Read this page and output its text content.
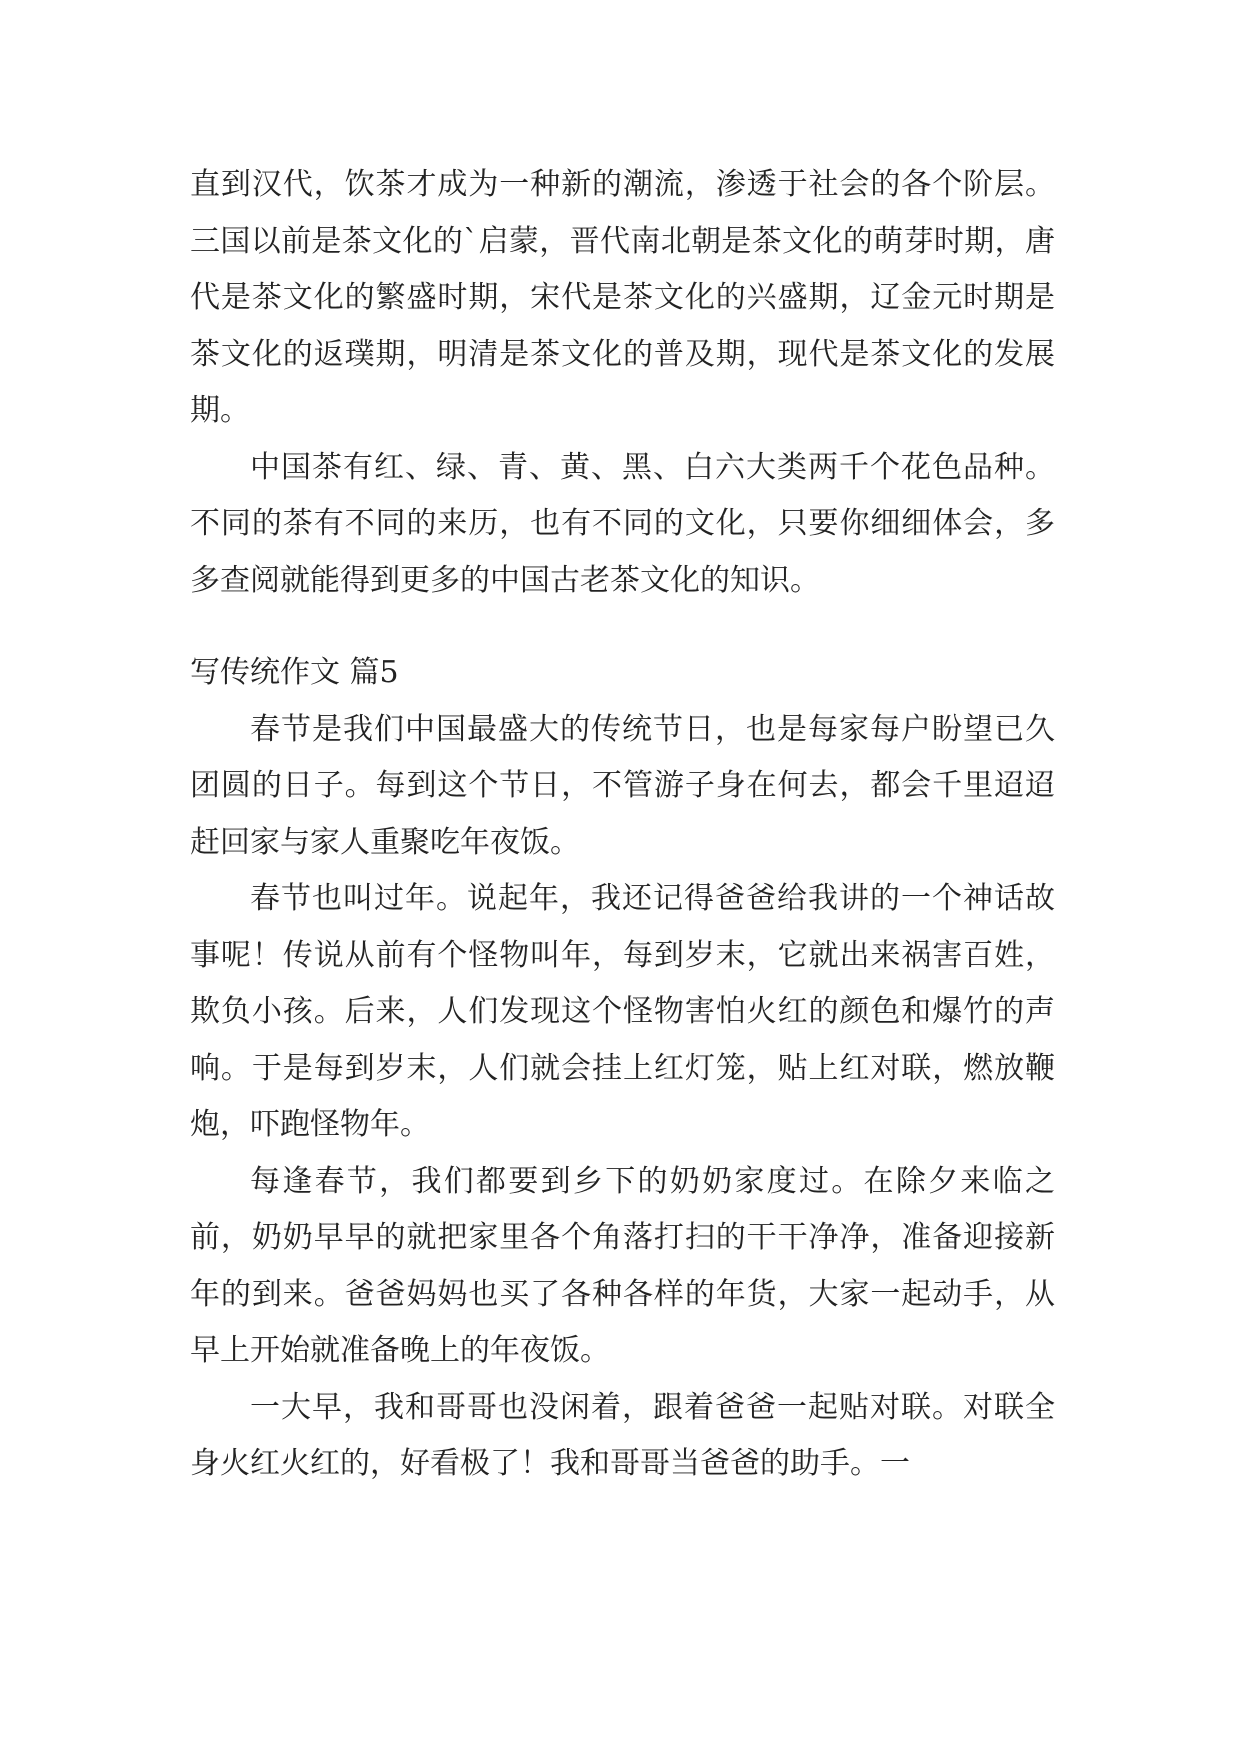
直到汉代，饮茶才成为一种新的潮流，渗透于社会的各个阶层。三国以前是茶文化的`启蒙，晋代南北朝是茶文化的萌芽时期，唐代是茶文化的繁盛时期，宋代是茶文化的兴盛期，辽金元时期是茶文化的返璞期，明清是茶文化的普及期，现代是茶文化的发展期。

中国茶有红、绿、青、黄、黑、白六大类两千个花色品种。不同的茶有不同的来历，也有不同的文化，只要你细细体会，多多查阅就能得到更多的中国古老茶文化的知识。

写传统作文 篇5

春节是我们中国最盛大的传统节日，也是每家每户盼望已久团圆的日子。每到这个节日，不管游子身在何去，都会千里迢迢赶回家与家人重聚吃年夜饭。

春节也叫过年。说起年，我还记得爸爸给我讲的一个神话故事呢！传说从前有个怪物叫年，每到岁末，它就出来祸害百姓，欺负小孩。后来，人们发现这个怪物害怕火红的颜色和爆竹的声响。于是每到岁末，人们就会挂上红灯笼，贴上红对联，燃放鞭炮，吓跑怪物年。

每逢春节，我们都要到乡下的奶奶家度过。在除夕来临之前，奶奶早早的就把家里各个角落打扫的干干净净，准备迎接新年的到来。爸爸妈妈也买了各种各样的年货，大家一起动手，从早上开始就准备晚上的年夜饭。

一大早，我和哥哥也没闲着，跟着爸爸一起贴对联。对联全身火红火红的，好看极了！我和哥哥当爸爸的助手。一
